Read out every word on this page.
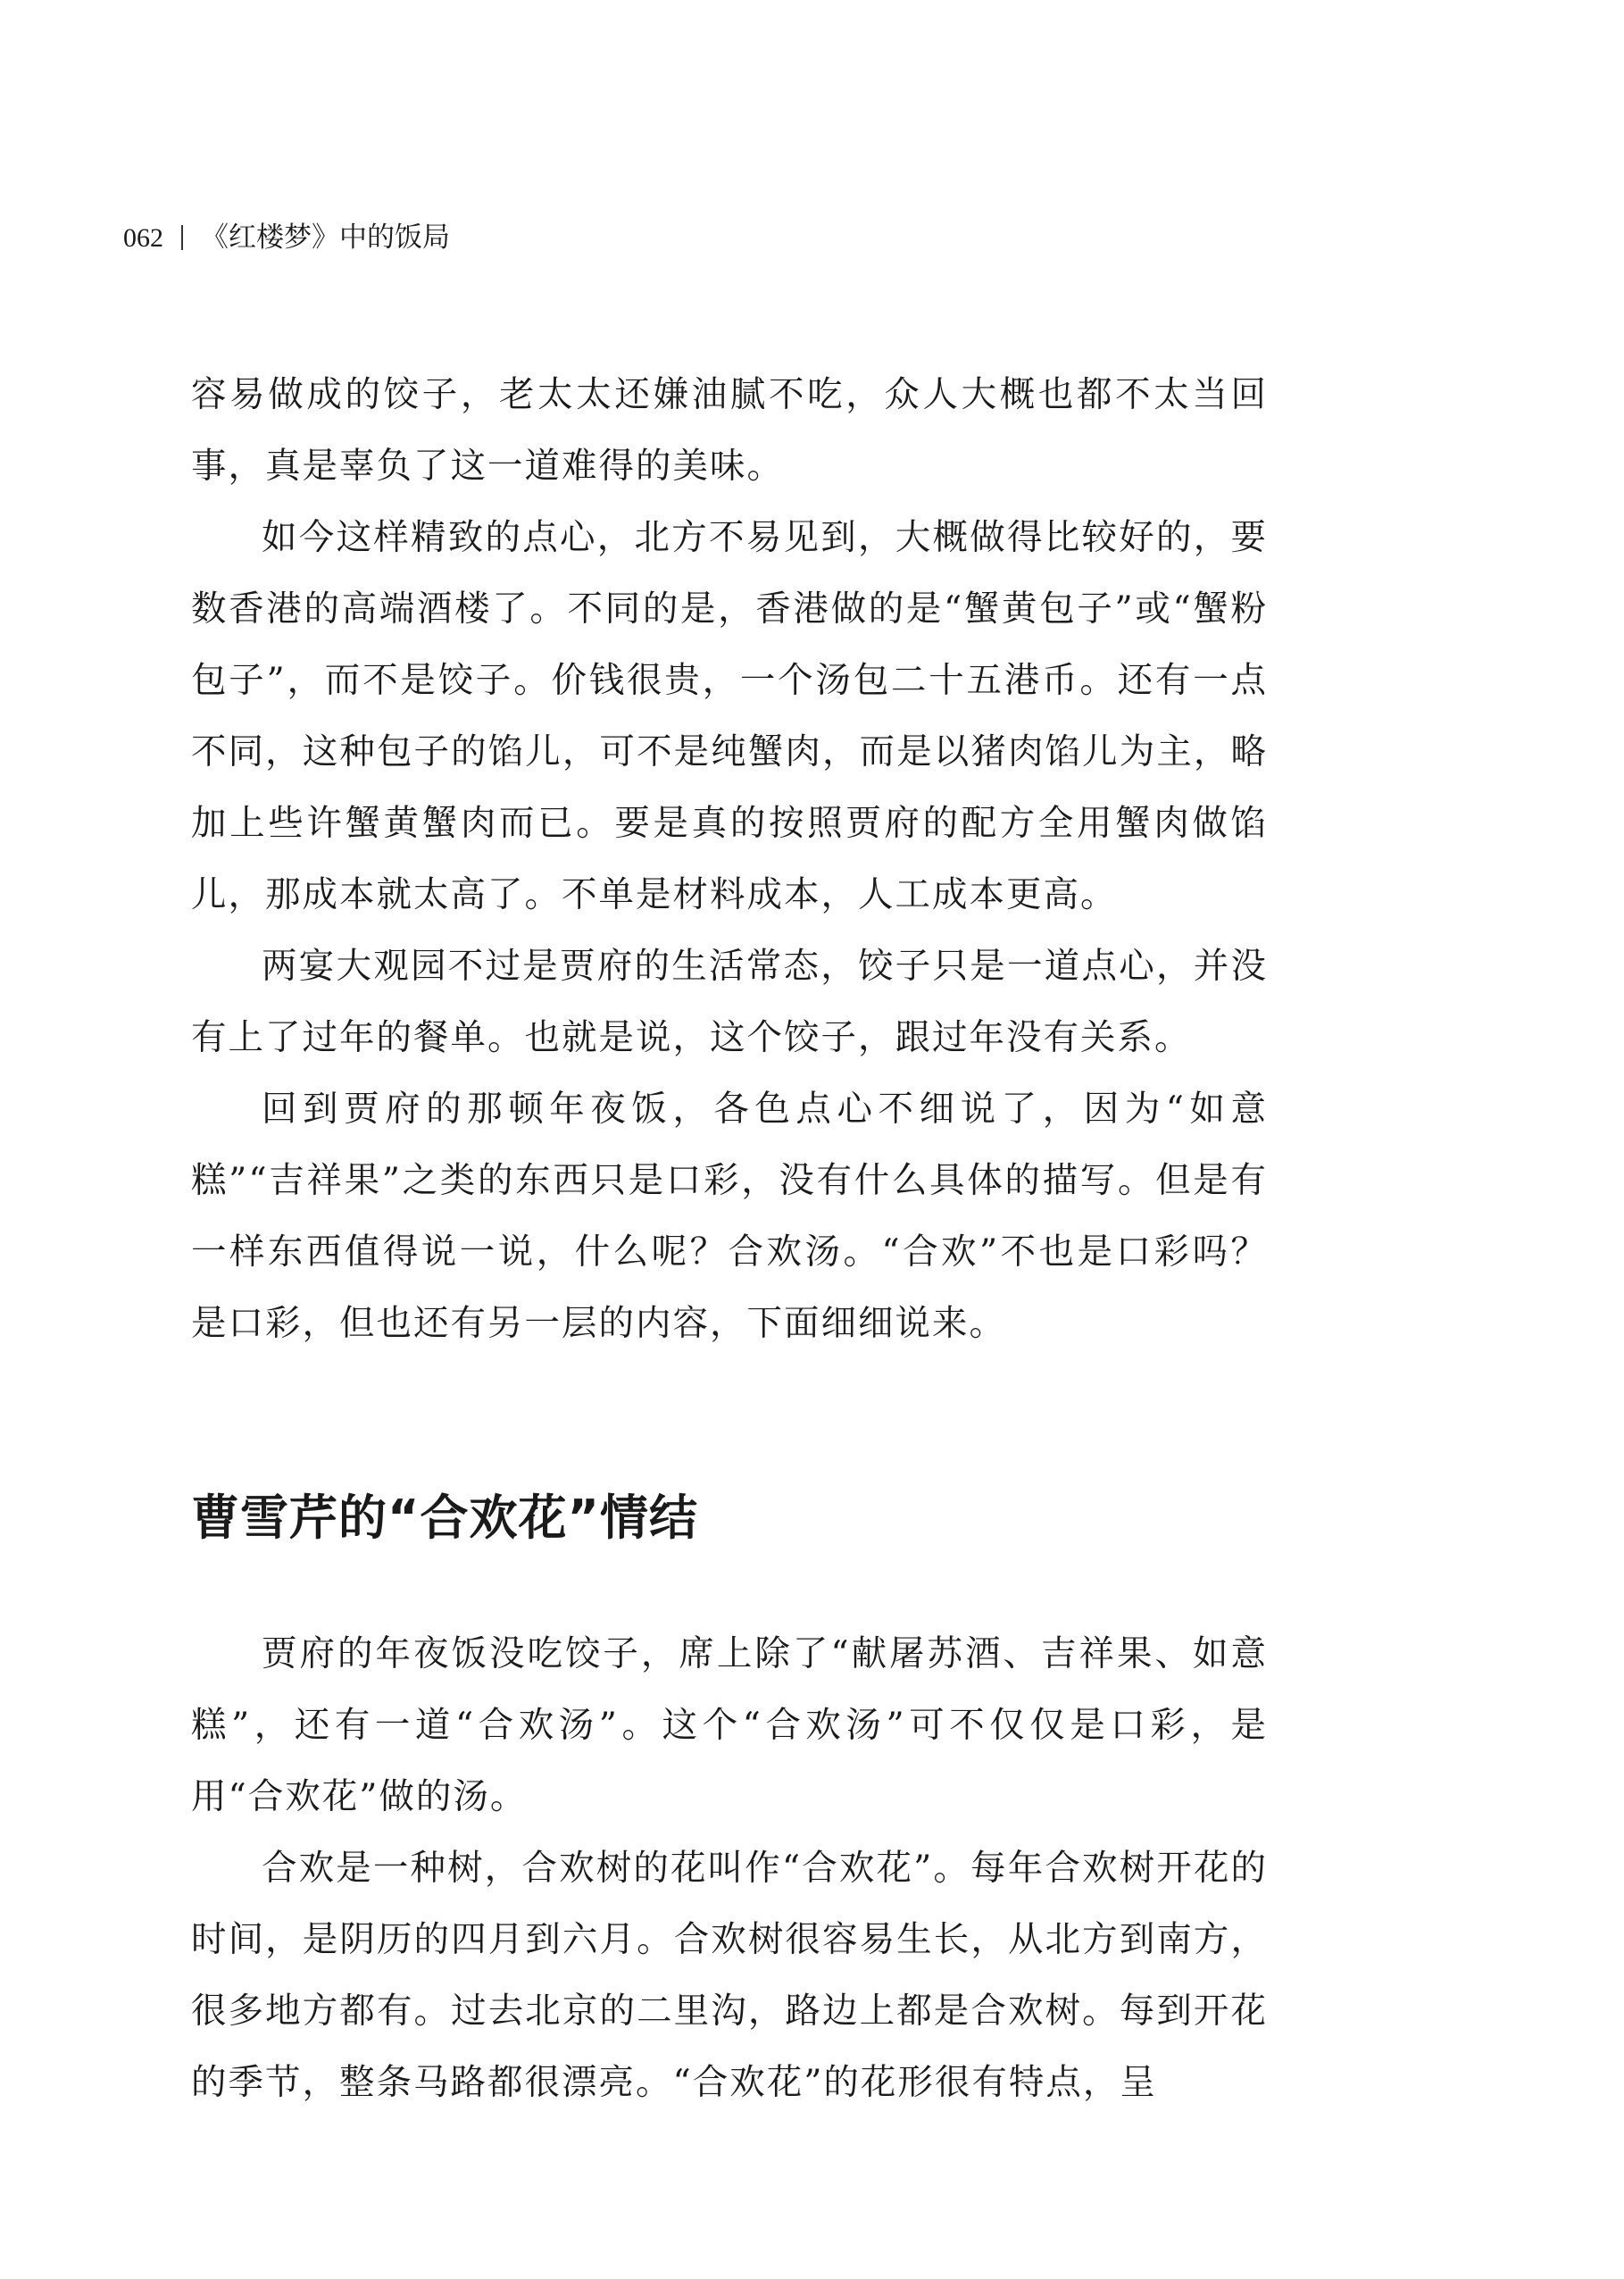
062 《红楼梦》中的饭局

容易做成的饺子，老太太还嫌油腻不吃，众人大概也都不太当回事，真是辜负了这一道难得的美味。

如今这样精致的点心，北方不易见到，大概做得比较好的，要数香港的高端酒楼了。不同的是，香港做的是“蟹黄包子”或“蟹粉包子”，而不是饺子。价钱很贵，一个汤包二十五港币。还有一点不同，这种包子的馅儿，可不是纯蟹肉，而是以猪肉馅儿为主，略加上些许蟹黄蟹肉而已。要是真的按照贾府的配方全用蟹肉做馅儿，那成本就太高了。不单是材料成本，人工成本更高。

两宴大观园不过是贾府的生活常态，饺子只是一道点心，并没有上了过年的餐单。也就是说，这个饺子，跟过年没有关系。

回到贾府的那顿年夜饭，各色点心不细说了，因为“如意糕”“吉祥果”之类的东西只是口彩，没有什么具体的描写。但是有一样东西值得说一说，什么呢？合欢汤。“合欢”不也是口彩吗？是口彩，但也还有另一层的内容，下面细细说来。

曹雪芹的“合欢花”情结

贾府的年夜饭没吃饺子，席上除了“献屠苏酒、吉祥果、如意糕”，还有一道“合欢汤”。这个“合欢汤”可不仅仅是口彩，是用“合欢花”做的汤。

合欢是一种树，合欢树的花叫作“合欢花”。每年合欢树开花的时间，是阴历的四月到六月。合欢树很容易生长，从北方到南方，很多地方都有。过去北京的二里沟，路边上都是合欢树。每到开花的季节，整条马路都很漂亮。“合欢花”的花形很有特点，呈
